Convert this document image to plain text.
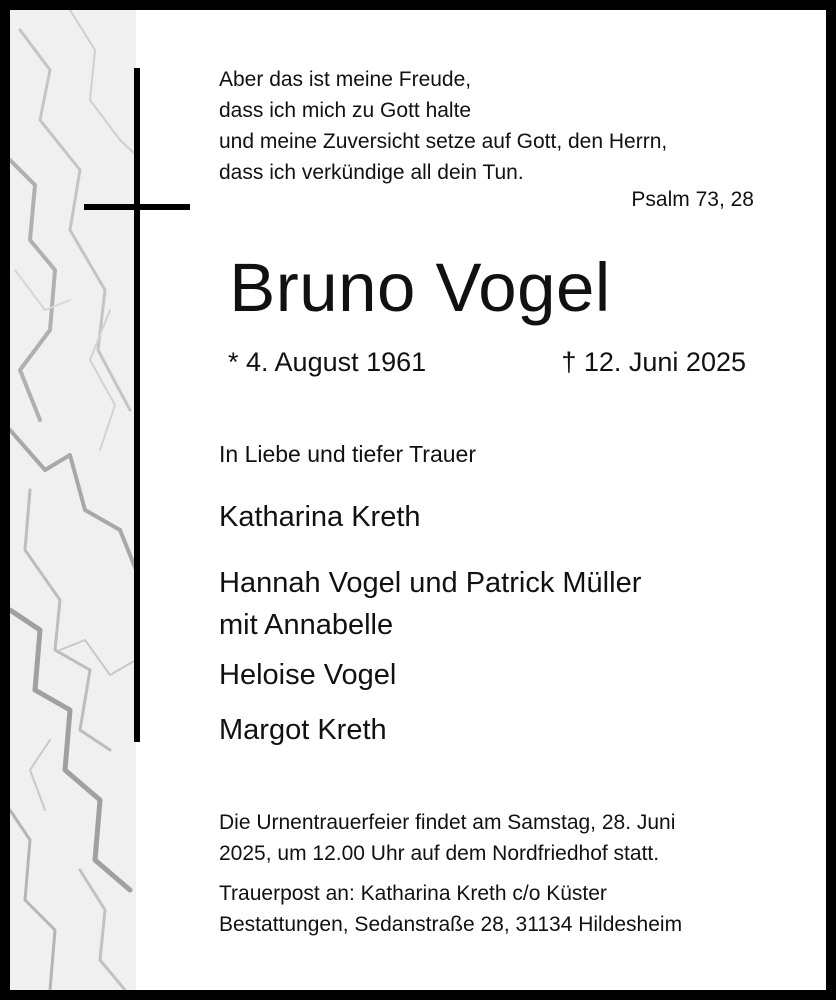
Aber das ist meine Freude,
dass ich mich zu Gott halte
und meine Zuversicht setze auf Gott, den Herrn,
dass ich verkündige all dein Tun.
Psalm 73, 28
Bruno Vogel
* 4. August 1961	† 12. Juni 2025
In Liebe und tiefer Trauer
Katharina Kreth
Hannah Vogel und Patrick Müller
mit Annabelle
Heloise Vogel
Margot Kreth
Die Urnentrauerfeier findet am Samstag, 28. Juni
2025, um 12.00 Uhr auf dem Nordfriedhof statt.
Trauerpost an: Katharina Kreth c/o Küster
Bestattungen, Sedanstraße 28, 31134 Hildesheim
